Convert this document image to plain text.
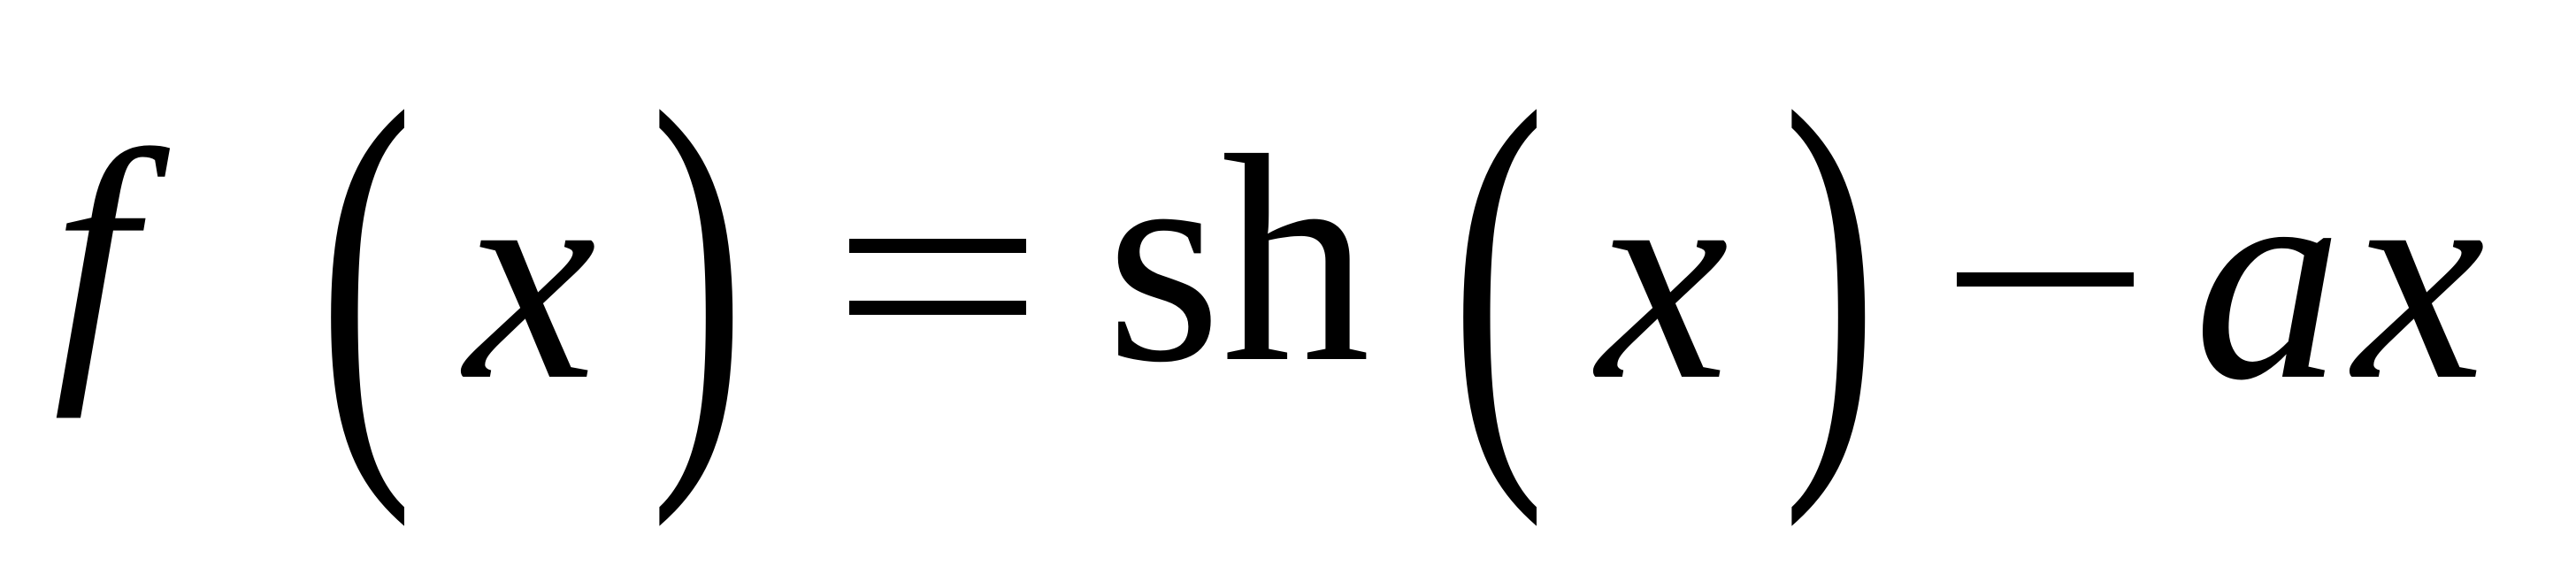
f ( x ) sh ( x ) a x
